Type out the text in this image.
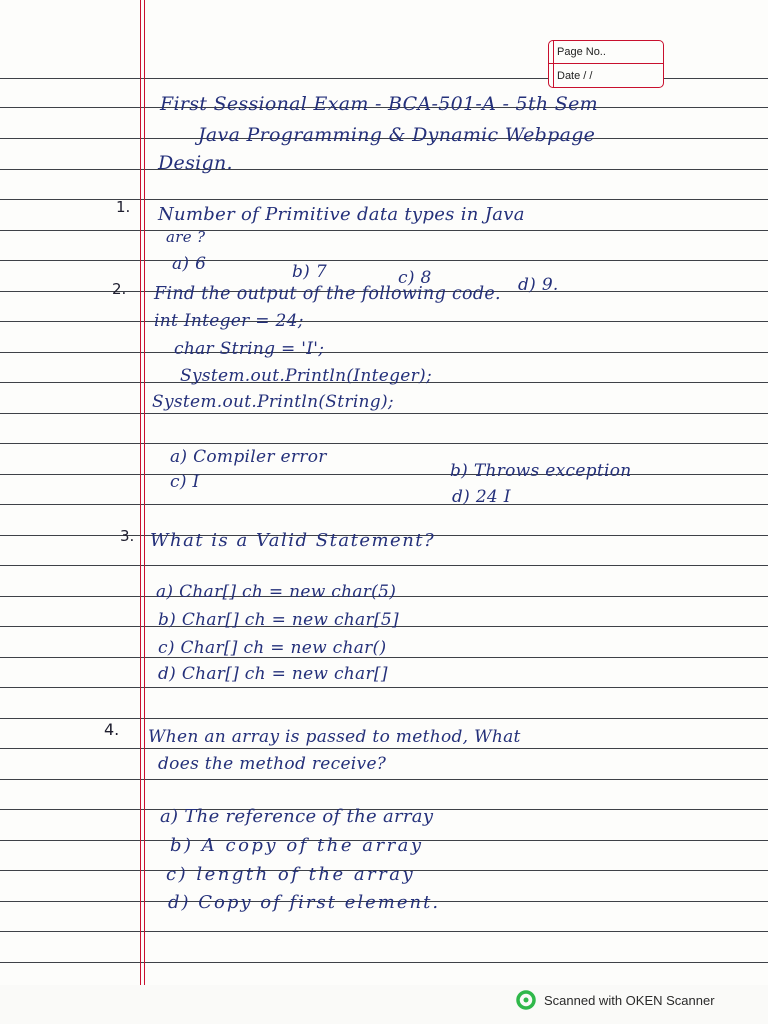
Page No..
Date / /
First Sessional Exam - BCA-501-A - 5th Sem
Java Programming & Dynamic Webpage
Design.
1. Number of Primitive data types in Java
are ?
a) 6	b) 7	c) 8	d) 9.
2. Find the output of the following code.
int Integer = 24;
char String = 'I';
System.out.Println(Integer);
System.out.Println(String);
a) Compiler error
b) Throws exception
c) I
d) 24 I
3. What is a Valid Statement?
a) Char[] ch = new char(5)
b) Char[] ch = new char[5]
c) Char[] ch = new char()
d) Char[] ch = new char[]
4. When an array is passed to method, What
does the method receive?
a) The reference of the array
b) A copy of the array
c) length of the array
d) Copy of first element.
Scanned with OKEN Scanner
